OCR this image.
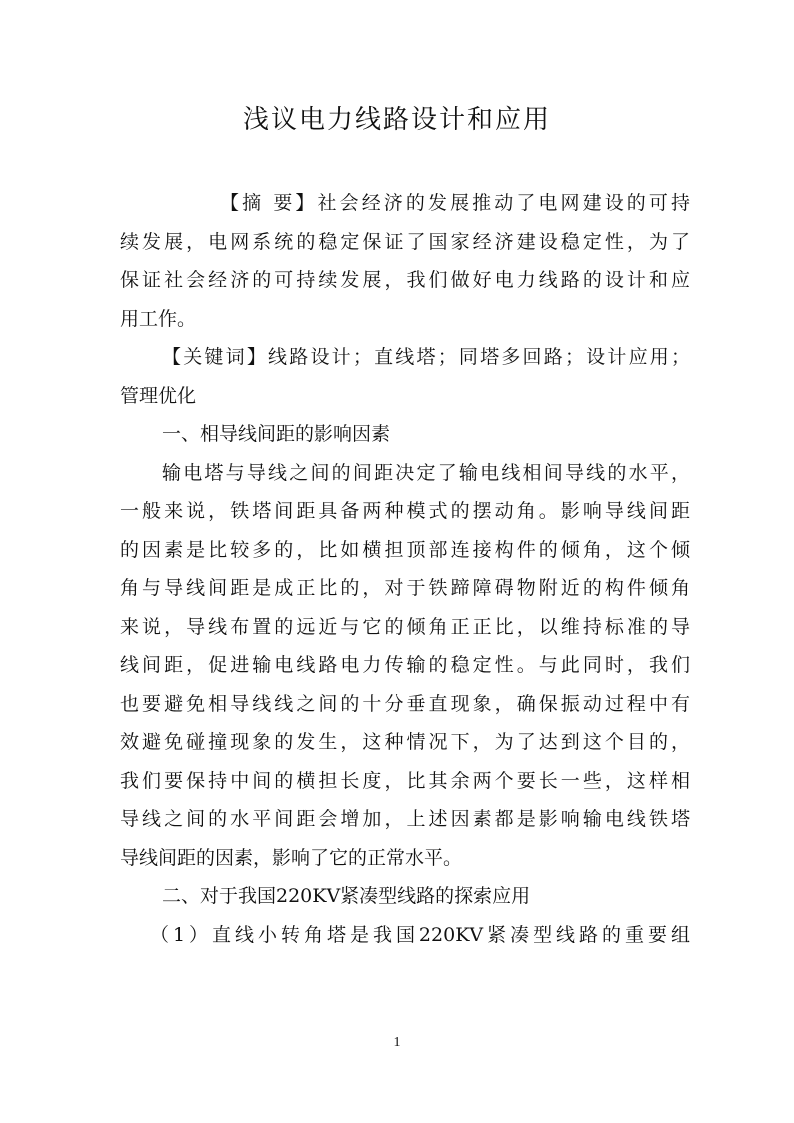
浅议电力线路设计和应用

【摘 要】社会经济的发展推动了电网建设的可持
续发展，电网系统的稳定保证了国家经济建设稳定性，为了
保证社会经济的可持续发展，我们做好电力线路的设计和应
用工作。

【关键词】线路设计；直线塔；同塔多回路；设计应用；
管理优化

一、相导线间距的影响因素

输电塔与导线之间的间距决定了输电线相间导线的水平，
一般来说，铁塔间距具备两种模式的摆动角。影响导线间距
的因素是比较多的，比如横担顶部连接构件的倾角，这个倾
角与导线间距是成正比的，对于铁蹄障碍物附近的构件倾角
来说，导线布置的远近与它的倾角正正比，以维持标准的导
线间距，促进输电线路电力传输的稳定性。与此同时，我们
也要避免相导线线之间的十分垂直现象，确保振动过程中有
效避免碰撞现象的发生，这种情况下，为了达到这个目的，
我们要保持中间的横担长度，比其余两个要长一些，这样相
导线之间的水平间距会增加，上述因素都是影响输电线铁塔
导线间距的因素，影响了它的正常水平。

二、对于我国220KV紧凑型线路的探索应用

（1）直线小转角塔是我国220KV紧凑型线路的重要组

1
